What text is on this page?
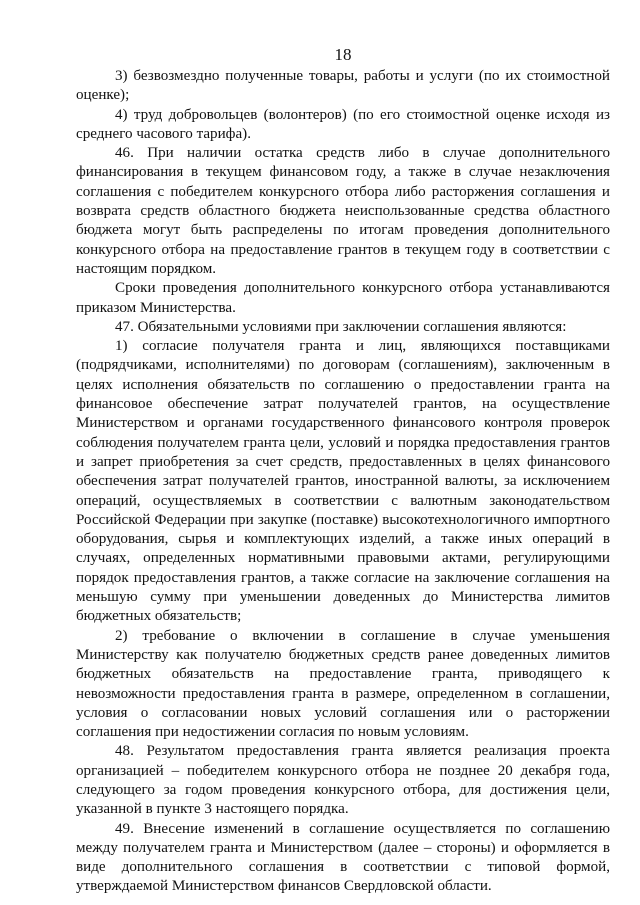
18

3) безвозмездно полученные товары, работы и услуги (по их стоимостной оценке);

4) труд добровольцев (волонтеров) (по его стоимостной оценке исходя из среднего часового тарифа).

46. При наличии остатка средств либо в случае дополнительного финансирования в текущем финансовом году, а также в случае незаключения соглашения с победителем конкурсного отбора либо расторжения соглашения и возврата средств областного бюджета неиспользованные средства областного бюджета могут быть распределены по итогам проведения дополнительного конкурсного отбора на предоставление грантов в текущем году в соответствии с настоящим порядком.

Сроки проведения дополнительного конкурсного отбора устанавливаются приказом Министерства.

47. Обязательными условиями при заключении соглашения являются:

1) согласие получателя гранта и лиц, являющихся поставщиками (подрядчиками, исполнителями) по договорам (соглашениям), заключенным в целях исполнения обязательств по соглашению о предоставлении гранта на финансовое обеспечение затрат получателей грантов, на осуществление Министерством и органами государственного финансового контроля проверок соблюдения получателем гранта цели, условий и порядка предоставления грантов и запрет приобретения за счет средств, предоставленных в целях финансового обеспечения затрат получателей грантов, иностранной валюты, за исключением операций, осуществляемых в соответствии с валютным законодательством Российской Федерации при закупке (поставке) высокотехнологичного импортного оборудования, сырья и комплектующих изделий, а также иных операций в случаях, определенных нормативными правовыми актами, регулирующими порядок предоставления грантов, а также согласие на заключение соглашения на меньшую сумму при уменьшении доведенных до Министерства лимитов бюджетных обязательств;

2) требование о включении в соглашение в случае уменьшения Министерству как получателю бюджетных средств ранее доведенных лимитов бюджетных обязательств на предоставление гранта, приводящего к невозможности предоставления гранта в размере, определенном в соглашении, условия о согласовании новых условий соглашения или о расторжении соглашения при недостижении согласия по новым условиям.

48. Результатом предоставления гранта является реализация проекта организацией – победителем конкурсного отбора не позднее 20 декабря года, следующего за годом проведения конкурсного отбора, для достижения цели, указанной в пункте 3 настоящего порядка.

49. Внесение изменений в соглашение осуществляется по соглашению между получателем гранта и Министерством (далее – стороны) и оформляется в виде дополнительного соглашения в соответствии с типовой формой, утверждаемой Министерством финансов Свердловской области.
